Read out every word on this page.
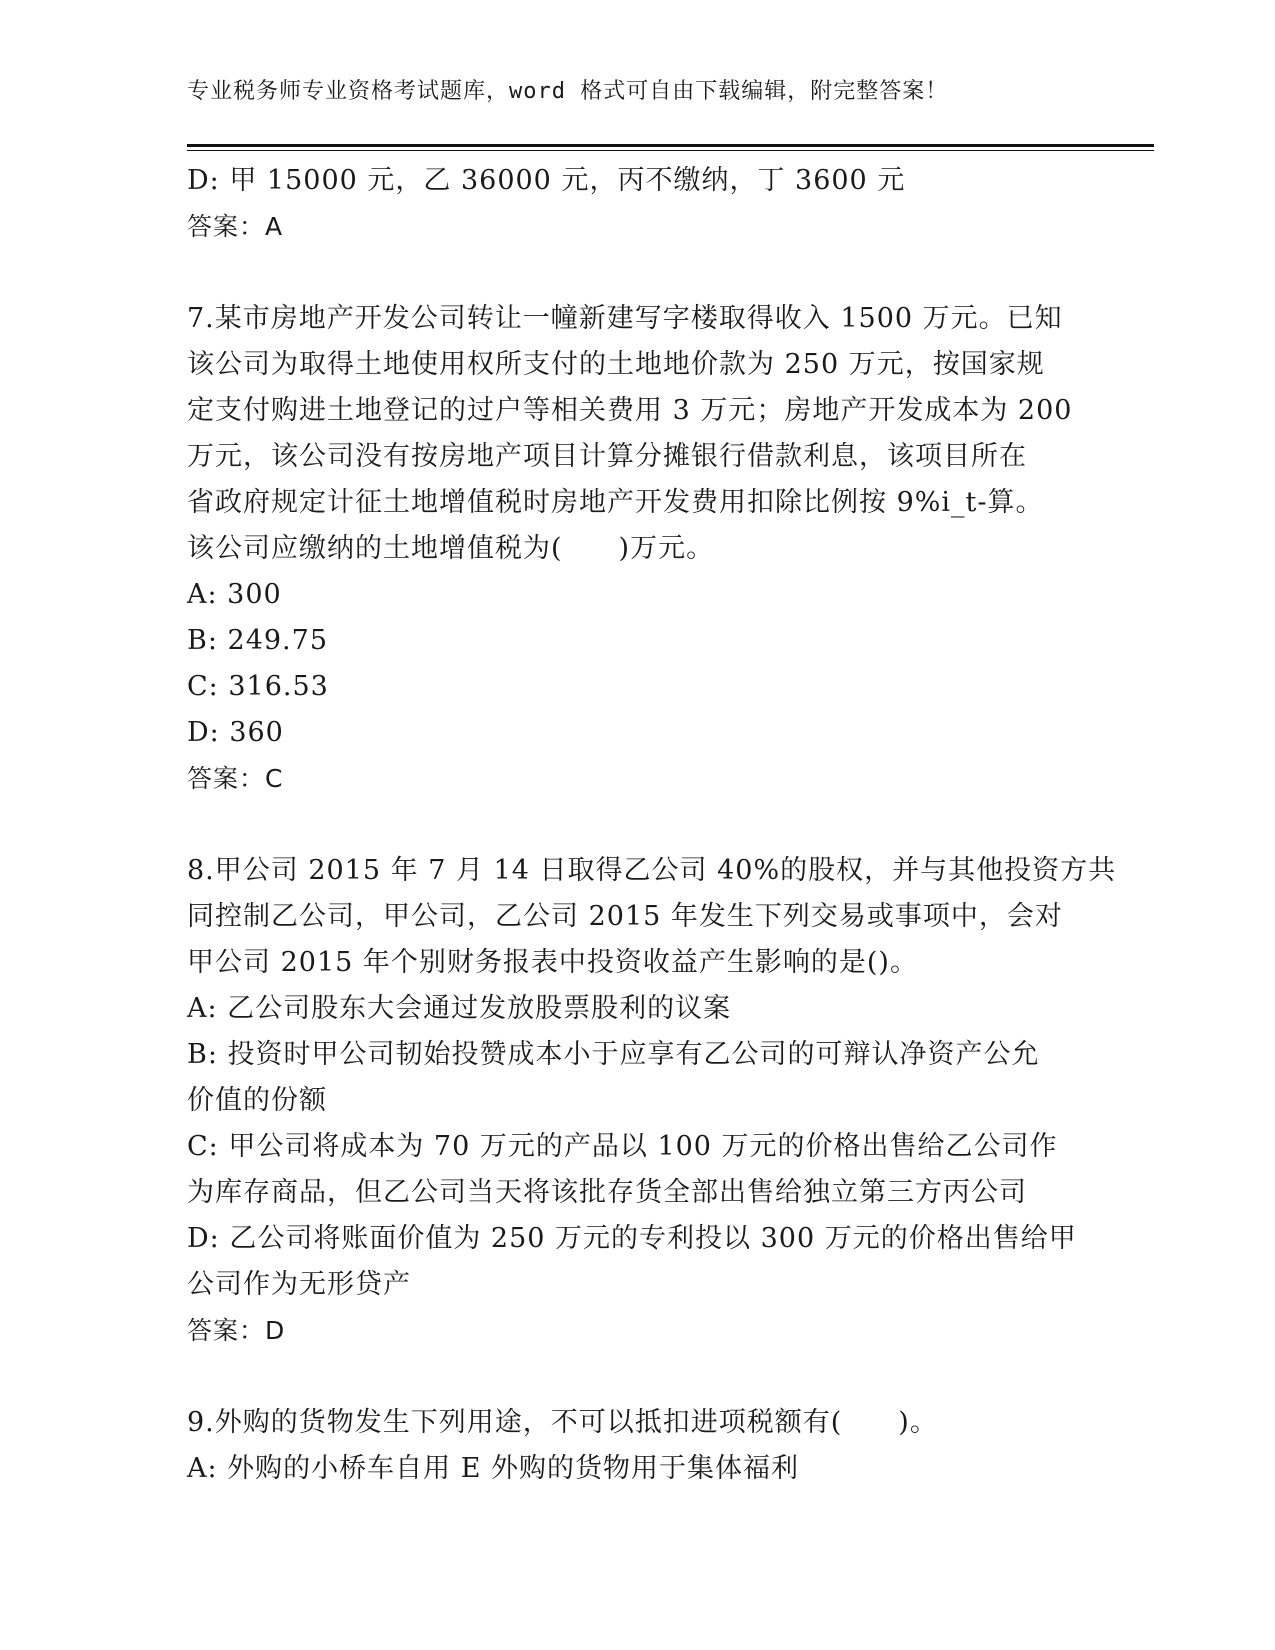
专业税务师专业资格考试题库，word 格式可自由下载编辑，附完整答案！
D: 甲 15000 元，乙 36000 元，丙不缴纳，丁 3600 元
答案：A
7.某市房地产开发公司转让一幢新建写字楼取得收入 1500 万元。已知
该公司为取得土地使用权所支付的土地地价款为 250 万元，按国家规
定支付购进土地登记的过户等相关费用 3 万元；房地产开发成本为 200
万元，该公司没有按房地产项目计算分摊银行借款利息，该项目所在
省政府规定计征土地增值税时房地产开发费用扣除比例按 9%i_t-算。
该公司应缴纳的土地增值税为(　　)万元。
A: 300
B: 249.75
C: 316.53
D: 360
答案：C
8.甲公司 2015 年 7 月 14 日取得乙公司 40%的股权，并与其他投资方共
同控制乙公司，甲公司，乙公司 2015 年发生下列交易或事项中，会对
甲公司 2015 年个别财务报表中投资收益产生影响的是()。
A: 乙公司股东大会通过发放股票股利的议案
B: 投资时甲公司韧始投赞成本小于应享有乙公司的可辩认净资产公允
价值的份额
C: 甲公司将成本为 70 万元的产品以 100 万元的价格出售给乙公司作
为库存商品，但乙公司当天将该批存货全部出售给独立第三方丙公司
D: 乙公司将账面价值为 250 万元的专利投以 300 万元的价格出售给甲
公司作为无形贷产
答案：D
9.外购的货物发生下列用途，不可以抵扣进项税额有(　　)。
A: 外购的小桥车自用 E 外购的货物用于集体福利
